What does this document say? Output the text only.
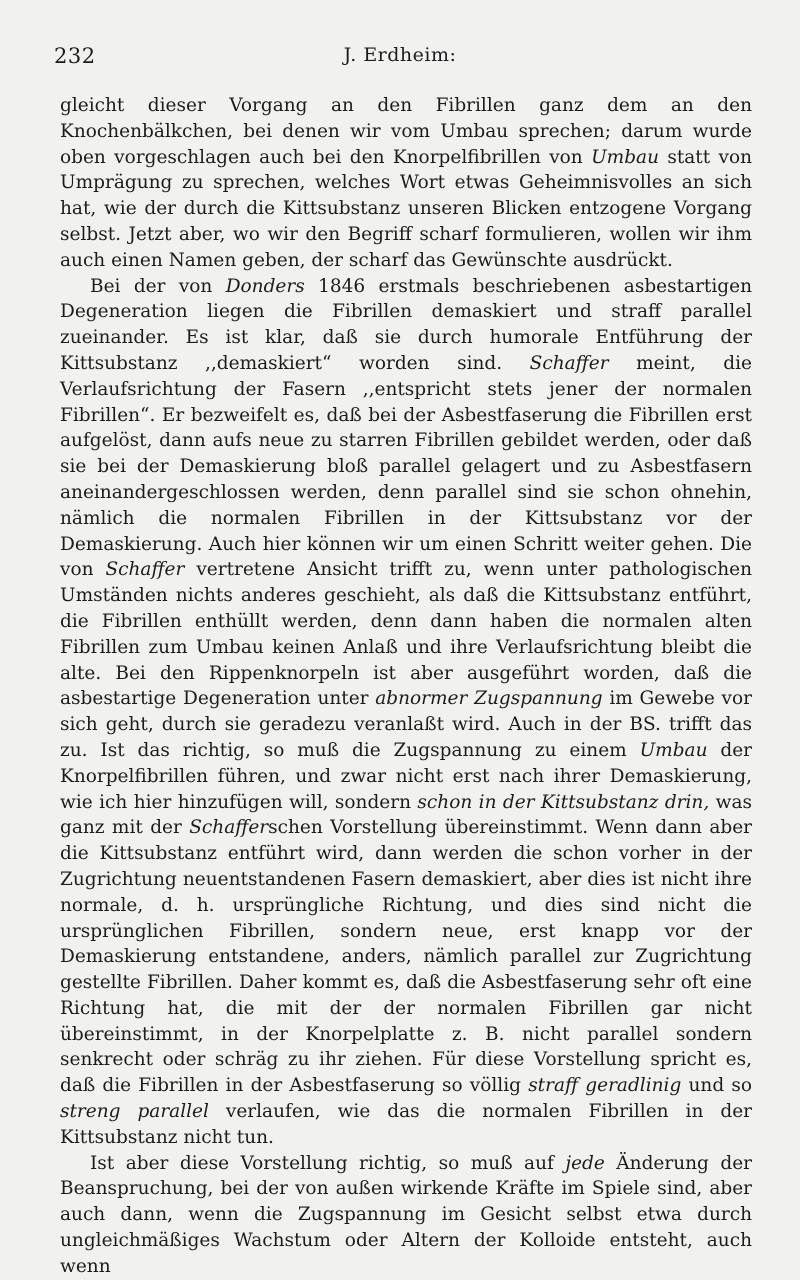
232	J. Erdheim:

gleicht dieser Vorgang an den Fibrillen ganz dem an den Knochenbälkchen, bei denen wir vom Umbau sprechen; darum wurde oben vorgeschlagen auch bei den Knorpelfibrillen von Umbau statt von Umprägung zu sprechen, welches Wort etwas Geheimnisvolles an sich hat, wie der durch die Kittsubstanz unseren Blicken entzogene Vorgang selbst. Jetzt aber, wo wir den Begriff scharf formulieren, wollen wir ihm auch einen Namen geben, der scharf das Gewünschte ausdrückt.

Bei der von Donders 1846 erstmals beschriebenen asbestartigen Degeneration liegen die Fibrillen demaskiert und straff parallel zueinander. Es ist klar, daß sie durch humorale Entführung der Kittsubstanz ,,demaskiert“ worden sind. Schaffer meint, die Verlaufsrichtung der Fasern ,,entspricht stets jener der normalen Fibrillen“. Er bezweifelt es, daß bei der Asbestfaserung die Fibrillen erst aufgelöst, dann aufs neue zu starren Fibrillen gebildet werden, oder daß sie bei der Demaskierung bloß parallel gelagert und zu Asbestfasern aneinandergeschlossen werden, denn parallel sind sie schon ohnehin, nämlich die normalen Fibrillen in der Kittsubstanz vor der Demaskierung. Auch hier können wir um einen Schritt weiter gehen. Die von Schaffer vertretene Ansicht trifft zu, wenn unter pathologischen Umständen nichts anderes geschieht, als daß die Kittsubstanz entführt, die Fibrillen enthüllt werden, denn dann haben die normalen alten Fibrillen zum Umbau keinen Anlaß und ihre Verlaufsrichtung bleibt die alte. Bei den Rippenknorpeln ist aber ausgeführt worden, daß die asbestartige Degeneration unter abnormer Zugspannung im Gewebe vor sich geht, durch sie geradezu veranlaßt wird. Auch in der BS. trifft das zu. Ist das richtig, so muß die Zugspannung zu einem Umbau der Knorpelfibrillen führen, und zwar nicht erst nach ihrer Demaskierung, wie ich hier hinzufügen will, sondern schon in der Kittsubstanz drin, was ganz mit der Schafferschen Vorstellung übereinstimmt. Wenn dann aber die Kittsubstanz entführt wird, dann werden die schon vorher in der Zugrichtung neuentstandenen Fasern demaskiert, aber dies ist nicht ihre normale, d. h. ursprüngliche Richtung, und dies sind nicht die ursprünglichen Fibrillen, sondern neue, erst knapp vor der Demaskierung entstandene, anders, nämlich parallel zur Zugrichtung gestellte Fibrillen. Daher kommt es, daß die Asbestfaserung sehr oft eine Richtung hat, die mit der der normalen Fibrillen gar nicht übereinstimmt, in der Knorpelplatte z. B. nicht parallel sondern senkrecht oder schräg zu ihr ziehen. Für diese Vorstellung spricht es, daß die Fibrillen in der Asbestfaserung so völlig straff geradlinig und so streng parallel verlaufen, wie das die normalen Fibrillen in der Kittsubstanz nicht tun.

Ist aber diese Vorstellung richtig, so muß auf jede Änderung der Beanspruchung, bei der von außen wirkende Kräfte im Spiele sind, aber auch dann, wenn die Zugspannung im Gesicht selbst etwa durch ungleichmäßiges Wachstum oder Altern der Kolloide entsteht, auch wenn
